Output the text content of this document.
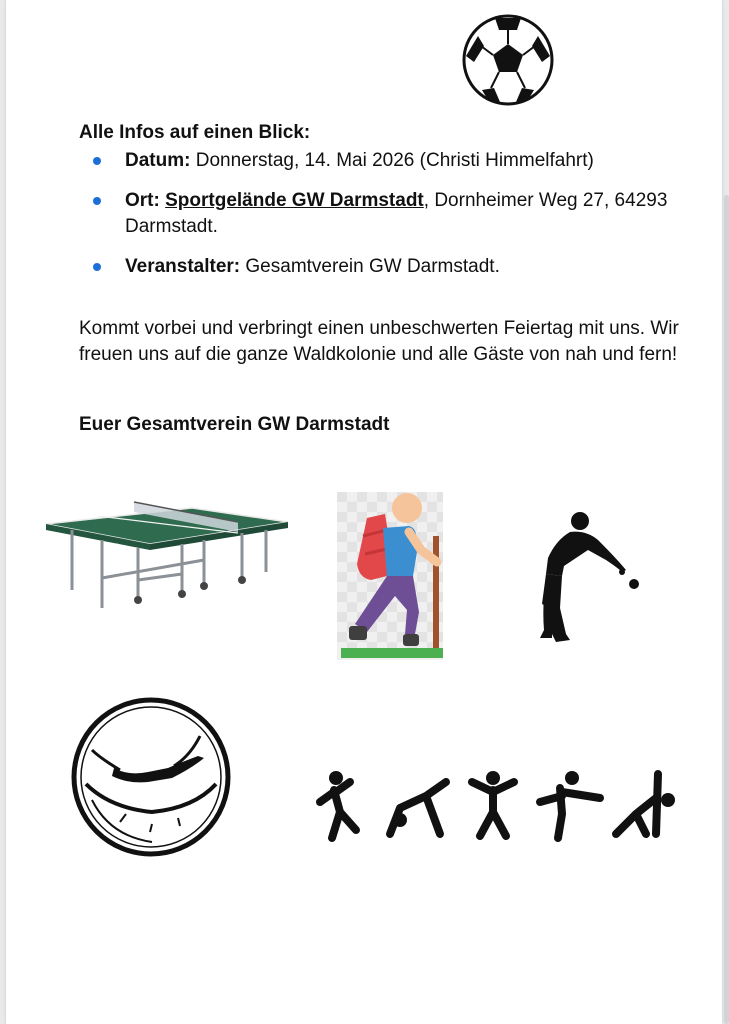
Alle Infos auf einen Blick:
Datum: Donnerstag, 14. Mai 2026 (Christi Himmelfahrt)
Ort: Sportgelände GW Darmstadt, Dornheimer Weg 27, 64293 Darmstadt.
Veranstalter: Gesamtverein GW Darmstadt.
Kommt vorbei und verbringt einen unbeschwerten Feiertag mit uns. Wir freuen uns auf die ganze Waldkolonie und alle Gäste von nah und fern!
Euer Gesamtverein GW Darmstadt
JOOLA
